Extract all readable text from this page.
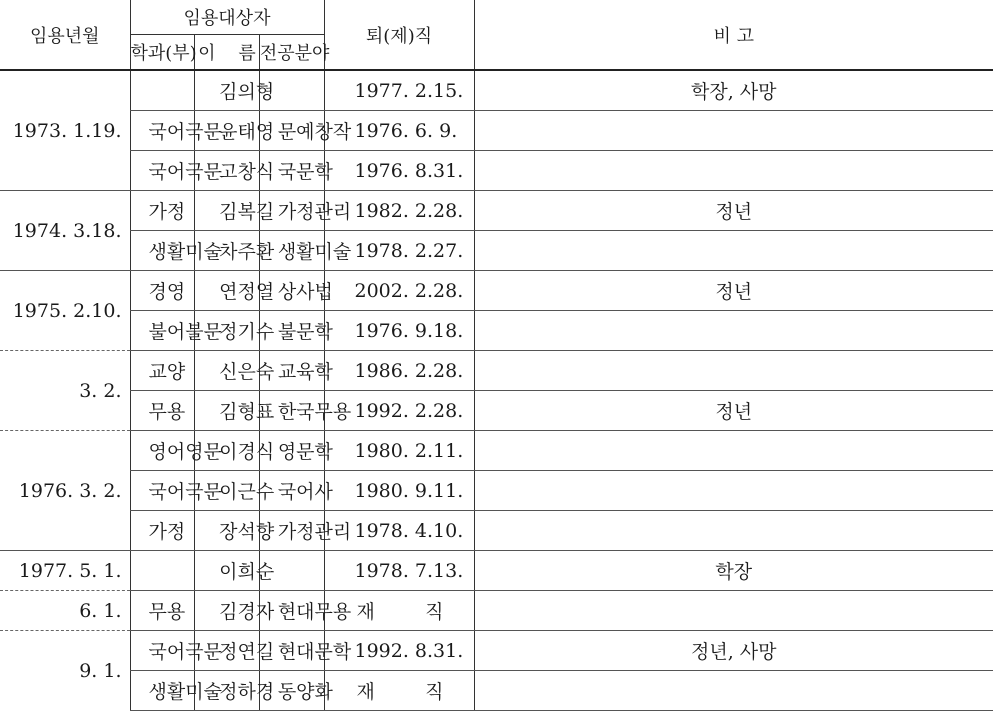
임용년월	임용대상자			퇴(제)직	비 고
	학과(부)	이    름	전공분야		
1973. 1.19.		김 의 형		1977. 2.15.	학장, 사망

	국 어 국 문	윤 태 영	문 예 창 작	1976. 6. 9.	

	국 어 국 문	고 창 식	국 문 학	1976. 8.31.	
1974. 3.18.	가 정	김 복 길	가 정 관 리	1982. 2.28.	정년

	생 활 미 술	차 주 환	생 활 미 술	1978. 2.27.	
1975. 2.10.	경 영	연 정 열	상 사 법	2002. 2.28.	정년

	불 어 불 문	정 기 수	불 문 학	1976. 9.18.	
3. 2.	교 양	신 은 숙	교 육 학	1986. 2.28.	

	무 용	김 형 표	한 국 무 용	1992. 2.28.	정년
1976. 3. 2.	영 어 영 문	이 경 식	영 문 학	1980. 2.11.	

	국 어 국 문	이 근 수	국 어 사	1980. 9.11.	

	가 정	장 석 향	가 정 관 리	1978. 4.10.	
1977. 5. 1.		이 희 순		1978. 7.13.	학장
6. 1.	무 용	김 경 자	현 대 무 용	재 직	

9. 1.	국 어 국 문	정 연 길	현 대 문 학	1992. 8.31.	정년, 사망

	생 활 미 술	정 하 경	동 양 화	재 직	
